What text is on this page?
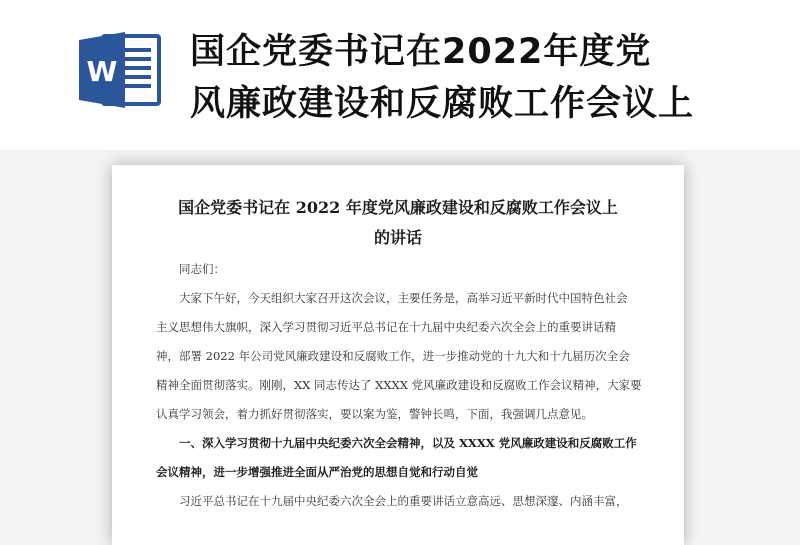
W 国企党委书记在2022年度党
风廉政建设和反腐败工作会议上
国企党委书记在 2022 年度党风廉政建设和反腐败工作会议上
的讲话
同志们：
大家下午好，今天组织大家召开这次会议，主要任务是，高举习近平新时代中国特色社会
主义思想伟大旗帜，深入学习贯彻习近平总书记在十九届中央纪委六次全会上的重要讲话精
神，部署 2022 年公司党风廉政建设和反腐败工作，进一步推动党的十九大和十九届历次全会
精神全面贯彻落实。刚刚，XX 同志传达了 XXXX 党风廉政建设和反腐败工作会议精神，大家要
认真学习领会，着力抓好贯彻落实，要以案为鉴，警钟长鸣，下面，我强调几点意见。
一、深入学习贯彻十九届中央纪委六次全会精神，以及 XXXX 党风廉政建设和反腐败工作
会议精神，进一步增强推进全面从严治党的思想自觉和行动自觉
习近平总书记在十九届中央纪委六次全会上的重要讲话立意高远、思想深邃、内涵丰富，
